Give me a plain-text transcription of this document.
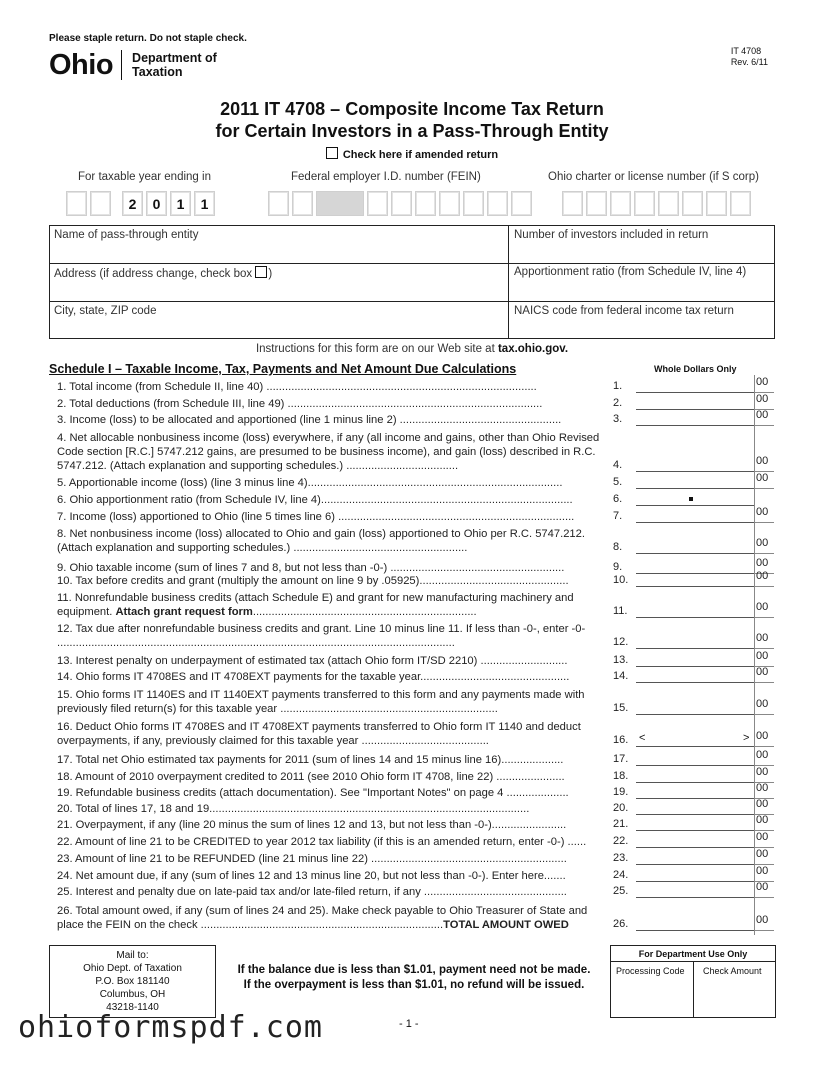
Please staple return. Do not staple check.
Ohio Department of
Taxation
IT 4708
Rev. 6/11
2011 IT 4708 – Composite Income Tax Return
for Certain Investors in a Pass-Through Entity
Check here if amended return
For taxable year ending in	Federal employer I.D. number (FEIN)	Ohio charter or license number (if S corp)
2	0	1	1
Name of pass-through entity	Number of investors included in return
Address (if address change, check box )	Apportionment ratio (from Schedule IV, line 4)
City, state, ZIP code	NAICS code from federal income tax return
Instructions for this form are on our Web site at tax.ohio.gov.
Schedule I – Taxable Income, Tax, Payments and Net Amount Due Calculations	Whole Dollars Only
1. Total income (from Schedule II, line 40) .......................................................................................	1.	00
2. Total deductions (from Schedule III, line 49) ..................................................................................	2.	00
3. Income (loss) to be allocated and apportioned (line 1 minus line 2) ....................................................	3.	00
4. Net allocable nonbusiness income (loss) everywhere, if any (all income and gains, other than Ohio Revised Code section [R.C.] 5747.212 gains, are presumed to be business income), and gain (loss) described in R.C. 5747.212. (Attach explanation and supporting schedules.) ....................................	4.	00
5. Apportionable income (loss) (line 3 minus line 4)..................................................................................	5.	00
6. Ohio apportionment ratio (from Schedule IV, line 4).................................................................................	6.
7. Income (loss) apportioned to Ohio (line 5 times line 6) ............................................................................	7.	00
8. Net nonbusiness income (loss) allocated to Ohio and gain (loss) apportioned to Ohio per R.C. 5747.212. (Attach explanation and supporting schedules.) ........................................................	8.	00
9. Ohio taxable income (sum of lines 7 and 8, but not less than -0-) ........................................................	9.	00
10. Tax before credits and grant (multiply the amount on line 9 by .05925)................................................	10.	00
11. Nonrefundable business credits (attach Schedule E) and grant for new manufacturing machinery and equipment. Attach grant request form........................................................................	11.	00
12. Tax due after nonrefundable business credits and grant. Line 10 minus line 11. If less than -0-, enter -0- ................................................................................................................................	12.	00
13. Interest penalty on underpayment of estimated tax (attach Ohio form IT/SD 2210) ............................	13.	00
14. Ohio forms IT 4708ES and IT 4708EXT payments for the taxable year................................................	14.	00
15. Ohio forms IT 1140ES and IT 1140EXT payments transferred to this form and any payments made with previously filed return(s) for this taxable year ......................................................................	15.	00
16. Deduct Ohio forms IT 4708ES and IT 4708EXT payments transferred to Ohio form IT 1140 and deduct overpayments, if any, previously claimed for this taxable year .........................................	16.	00
<	>
17. Total net Ohio estimated tax payments for 2011 (sum of lines 14 and 15 minus line 16)....................	17.	00
18. Amount of 2010 overpayment credited to 2011 (see 2010 Ohio form IT 4708, line 22) ......................	18.	00
19. Refundable business credits (attach documentation). See "Important Notes" on page 4 ....................	19.	00
20. Total of lines 17, 18 and 19.......................................................................................................	20.	00
21. Overpayment, if any (line 20 minus the sum of lines 12 and 13, but not less than -0-)........................	21.	00
22. Amount of line 21 to be CREDITED to year 2012 tax liability (if this is an amended return, enter -0-) ......	22.	00
23. Amount of line 21 to be REFUNDED (line 21 minus line 22) ...............................................................	23.	00
24. Net amount due, if any (sum of lines 12 and 13 minus line 20, but not less than -0-). Enter here.......	24.	00
25. Interest and penalty due on late-paid tax and/or late-filed return, if any ..............................................	25.	00
26. Total amount owed, if any (sum of lines 24 and 25). Make check payable to Ohio Treasurer of State and place the FEIN on the check ..............................................................................TOTAL AMOUNT OWED	26.	00
Mail to:
Ohio Dept. of Taxation
P.O. Box 181140
Columbus, OH
43218-1140
If the balance due is less than $1.01, payment need not be made.
If the overpayment is less than $1.01, no refund will be issued.
For Department Use Only
Processing Code Check Amount
- 1 -
ohioformspdf.com
